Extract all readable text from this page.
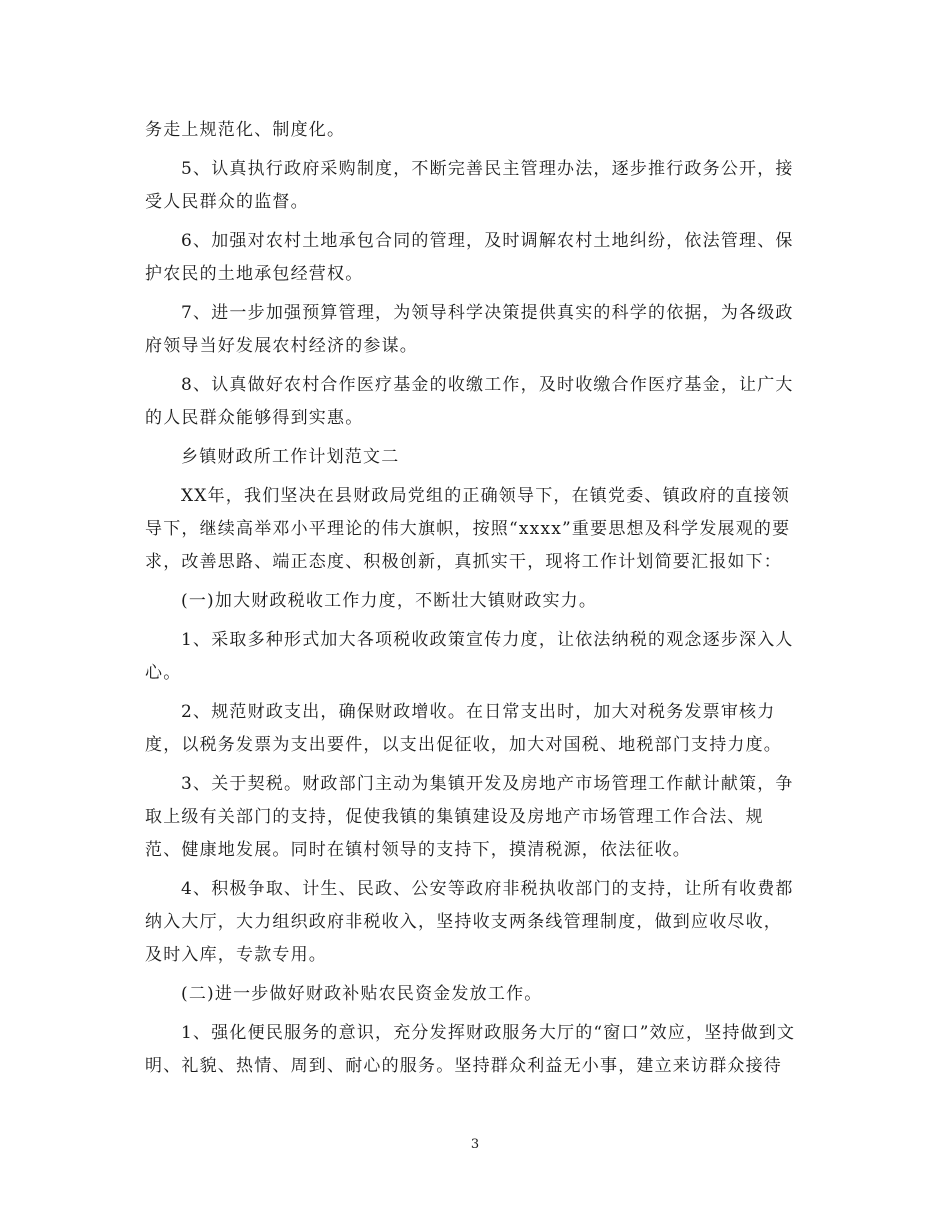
务走上规范化、制度化。
5、认真执行政府采购制度，不断完善民主管理办法，逐步推行政务公开，接
受人民群众的监督。
6、加强对农村土地承包合同的管理，及时调解农村土地纠纷，依法管理、保
护农民的土地承包经营权。
7、进一步加强预算管理，为领导科学决策提供真实的科学的依据，为各级政
府领导当好发展农村经济的参谋。
8、认真做好农村合作医疗基金的收缴工作，及时收缴合作医疗基金，让广大
的人民群众能够得到实惠。
乡镇财政所工作计划范文二
XX年，我们坚决在县财政局党组的正确领导下，在镇党委、镇政府的直接领
导下，继续高举邓小平理论的伟大旗帜，按照“xxxx”重要思想及科学发展观的要
求，改善思路、端正态度、积极创新，真抓实干，现将工作计划简要汇报如下：
(一)加大财政税收工作力度，不断壮大镇财政实力。
1、采取多种形式加大各项税收政策宣传力度，让依法纳税的观念逐步深入人
心。
2、规范财政支出，确保财政增收。在日常支出时，加大对税务发票审核力
度，以税务发票为支出要件，以支出促征收，加大对国税、地税部门支持力度。
3、关于契税。财政部门主动为集镇开发及房地产市场管理工作献计献策，争
取上级有关部门的支持，促使我镇的集镇建设及房地产市场管理工作合法、规
范、健康地发展。同时在镇村领导的支持下，摸清税源，依法征收。
4、积极争取、计生、民政、公安等政府非税执收部门的支持，让所有收费都
纳入大厅，大力组织政府非税收入，坚持收支两条线管理制度，做到应收尽收，
及时入库，专款专用。
(二)进一步做好财政补贴农民资金发放工作。
1、强化便民服务的意识，充分发挥财政服务大厅的“窗口”效应，坚持做到文
明、礼貌、热情、周到、耐心的服务。坚持群众利益无小事，建立来访群众接待
3
